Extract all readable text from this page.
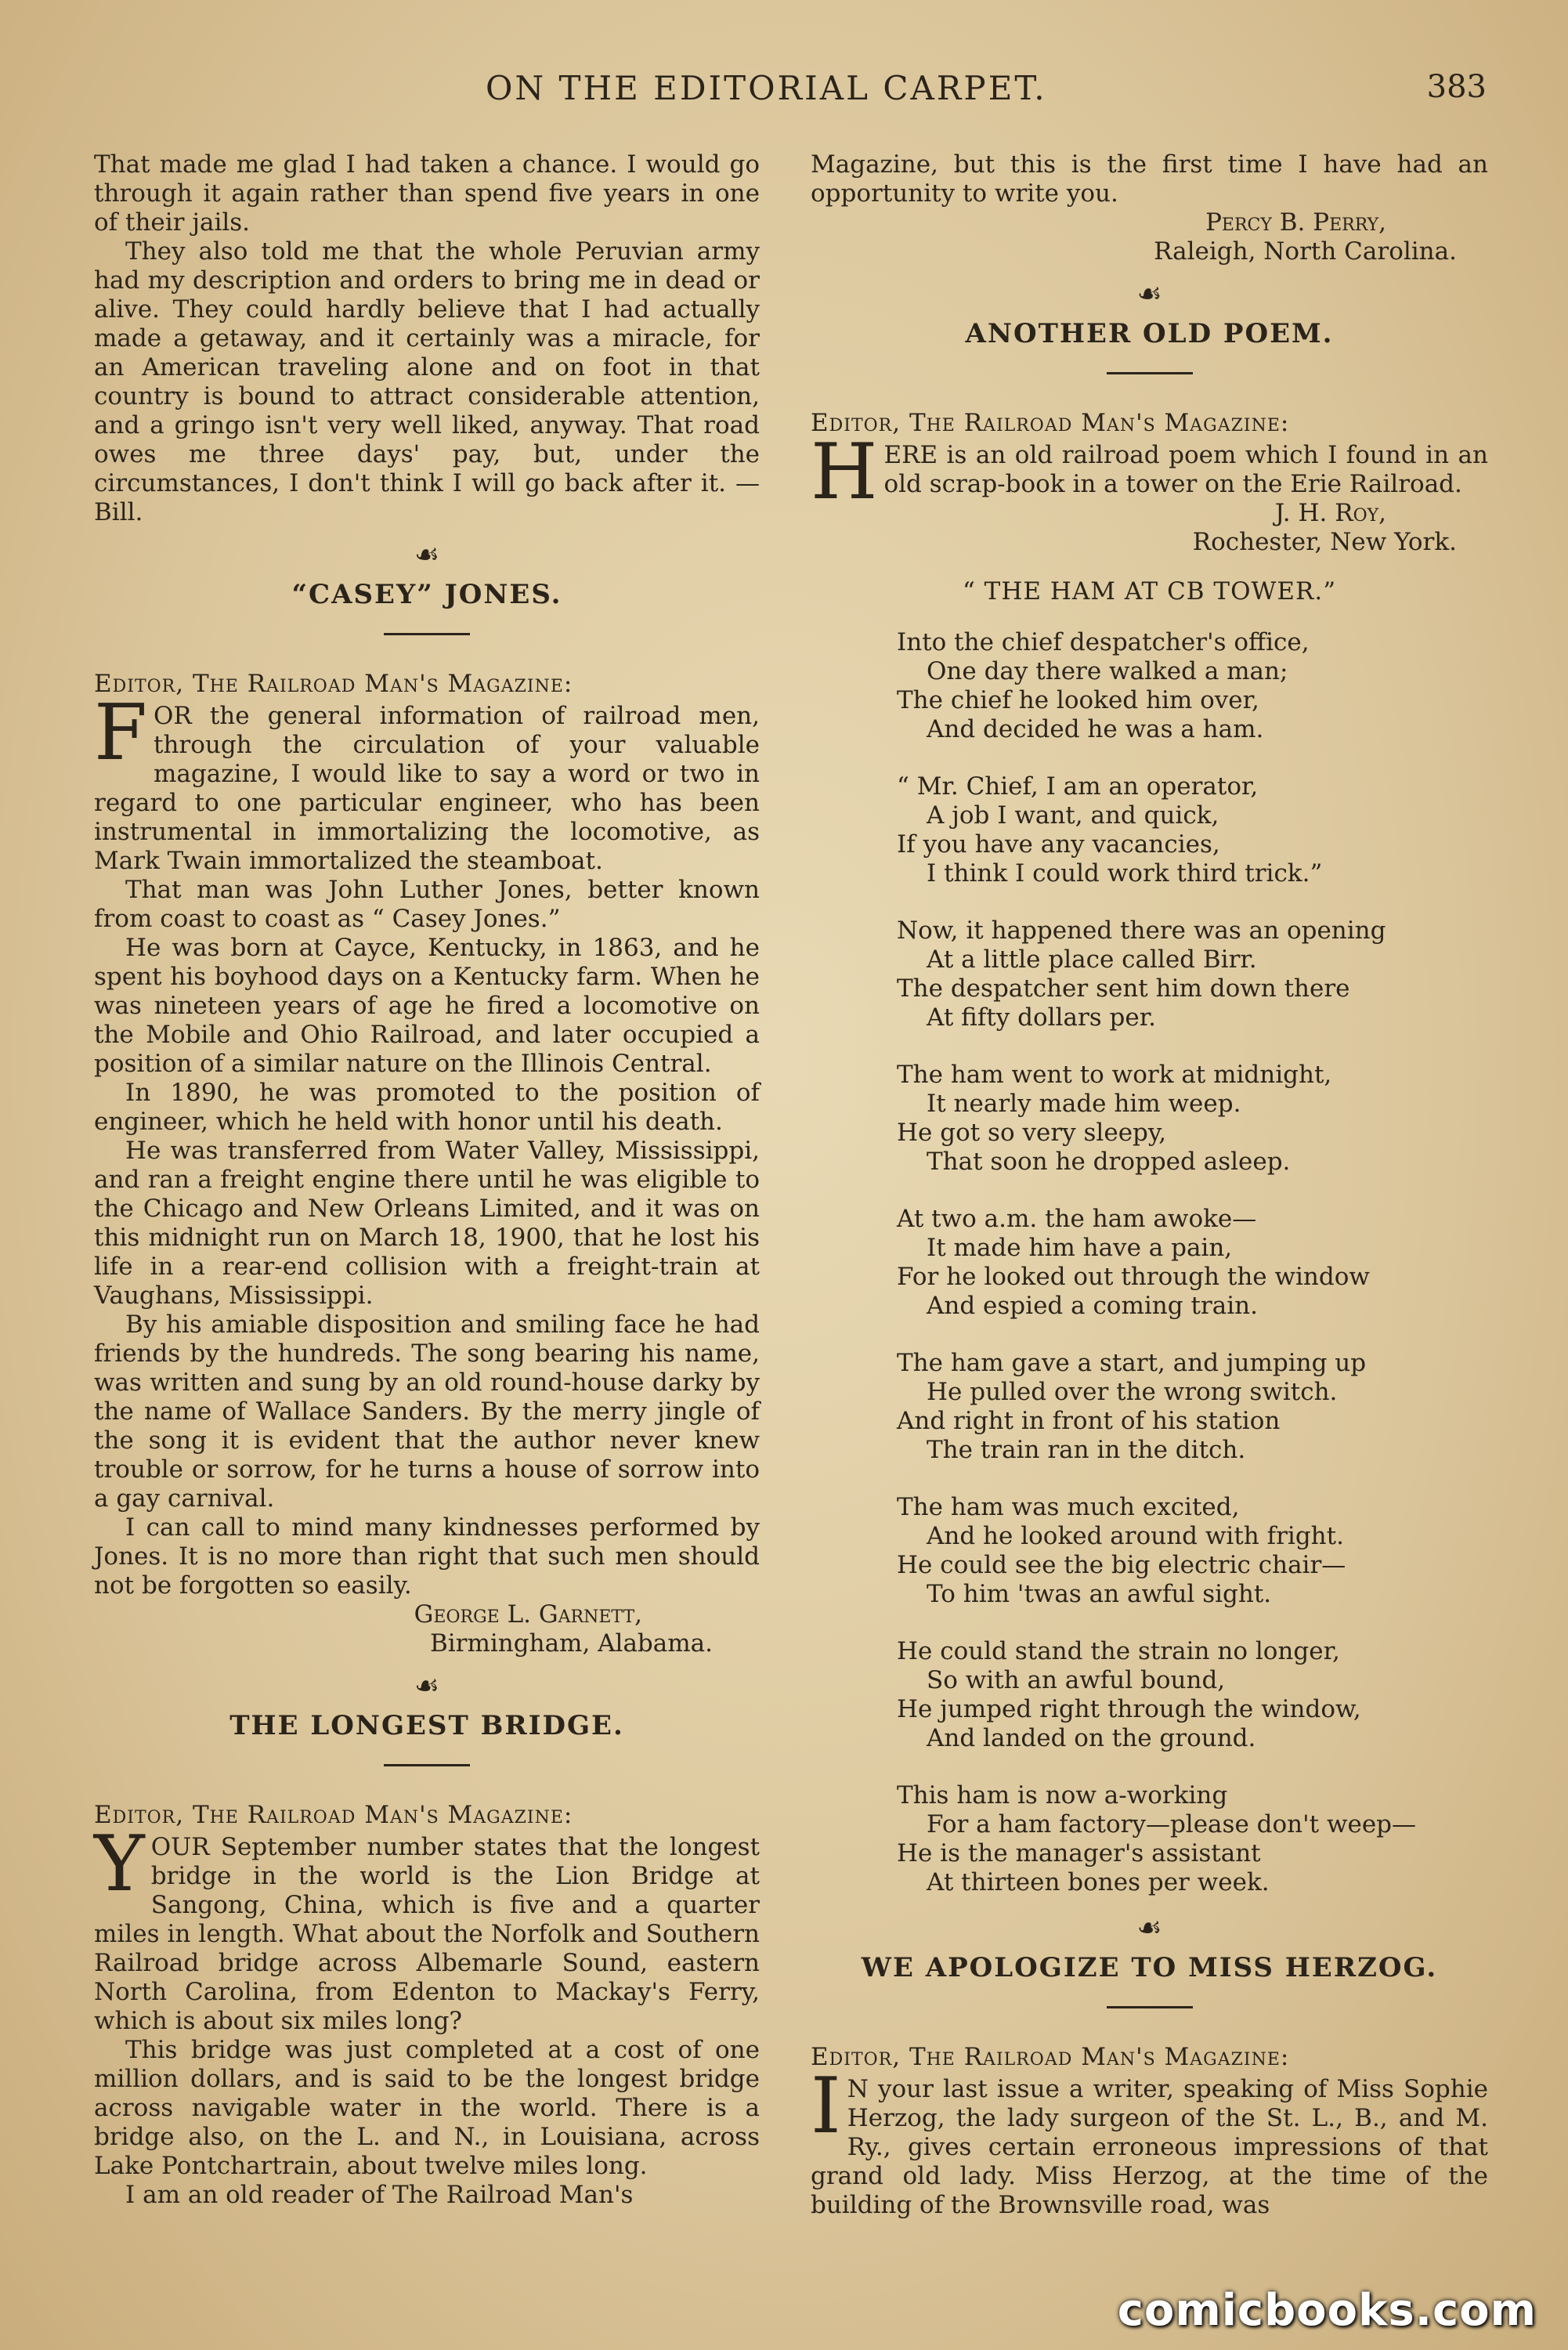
ON THE EDITORIAL CARPET.	383

That made me glad I had taken a chance. I would go through it again rather than spend five years in one of their jails.

They also told me that the whole Peruvian army had my description and orders to bring me in dead or alive. They could hardly believe that I had actually made a getaway, and it certainly was a miracle, for an American traveling alone and on foot in that country is bound to attract considerable attention, and a gringo isn't very well liked, anyway. That road owes me three days' pay, but, under the circumstances, I don't think I will go back after it. —Bill.

☙
“CASEY” JONES.
Editor, The Railroad Man's Magazine:

FOR the general information of railroad men, through the circulation of your valuable magazine, I would like to say a word or two in regard to one particular engineer, who has been instrumental in immortalizing the locomotive, as Mark Twain immortalized the steamboat.

That man was John Luther Jones, better known from coast to coast as “ Casey Jones.”

He was born at Cayce, Kentucky, in 1863, and he spent his boyhood days on a Kentucky farm. When he was nineteen years of age he fired a locomotive on the Mobile and Ohio Railroad, and later occupied a position of a similar nature on the Illinois Central.

In 1890, he was promoted to the position of engineer, which he held with honor until his death.

He was transferred from Water Valley, Mississippi, and ran a freight engine there until he was eligible to the Chicago and New Orleans Limited, and it was on this midnight run on March 18, 1900, that he lost his life in a rear-end collision with a freight-train at Vaughans, Mississippi.

By his amiable disposition and smiling face he had friends by the hundreds. The song bearing his name, was written and sung by an old round-house darky by the name of Wallace Sanders. By the merry jingle of the song it is evident that the author never knew trouble or sorrow, for he turns a house of sorrow into a gay carnival.

I can call to mind many kindnesses performed by Jones. It is no more than right that such men should not be forgotten so easily.

George L. Garnett,
Birmingham, Alabama.
☙
THE LONGEST BRIDGE.
Editor, The Railroad Man's Magazine:

YOUR September number states that the longest bridge in the world is the Lion Bridge at Sangong, China, which is five and a quarter miles in length. What about the Norfolk and Southern Railroad bridge across Albemarle Sound, eastern North Carolina, from Edenton to Mackay's Ferry, which is about six miles long?

This bridge was just completed at a cost of one million dollars, and is said to be the longest bridge across navigable water in the world. There is a bridge also, on the L. and N., in Louisiana, across Lake Pontchartrain, about twelve miles long.

I am an old reader of The Railroad Man's

Magazine, but this is the first time I have had an opportunity to write you.

Percy B. Perry,
Raleigh, North Carolina.
☙
ANOTHER OLD POEM.
Editor, The Railroad Man's Magazine:

HERE is an old railroad poem which I found in an old scrap-book in a tower on the Erie Railroad.

J. H. Roy,
Rochester, New York.
“ THE HAM AT CB TOWER.”
Into the chief despatcher's office,
One day there walked a man;
The chief he looked him over,
And decided he was a ham.
“ Mr. Chief, I am an operator,
A job I want, and quick,
If you have any vacancies,
I think I could work third trick.”
Now, it happened there was an opening
At a little place called Birr.
The despatcher sent him down there
At fifty dollars per.
The ham went to work at midnight,
It nearly made him weep.
He got so very sleepy,
That soon he dropped asleep.
At two a.m. the ham awoke—
It made him have a pain,
For he looked out through the window
And espied a coming train.
The ham gave a start, and jumping up
He pulled over the wrong switch.
And right in front of his station
The train ran in the ditch.
The ham was much excited,
And he looked around with fright.
He could see the big electric chair—
To him 'twas an awful sight.
He could stand the strain no longer,
So with an awful bound,
He jumped right through the window,
And landed on the ground.
This ham is now a-working
For a ham factory—please don't weep—
He is the manager's assistant
At thirteen bones per week.
☙
WE APOLOGIZE TO MISS HERZOG.
Editor, The Railroad Man's Magazine:

I N your last issue a writer, speaking of Miss Sophie Herzog, the lady surgeon of the St. L., B., and M. Ry., gives certain erroneous impressions of that grand old lady. Miss Herzog, at the time of the building of the Brownsville road, was

comicbooks.com
